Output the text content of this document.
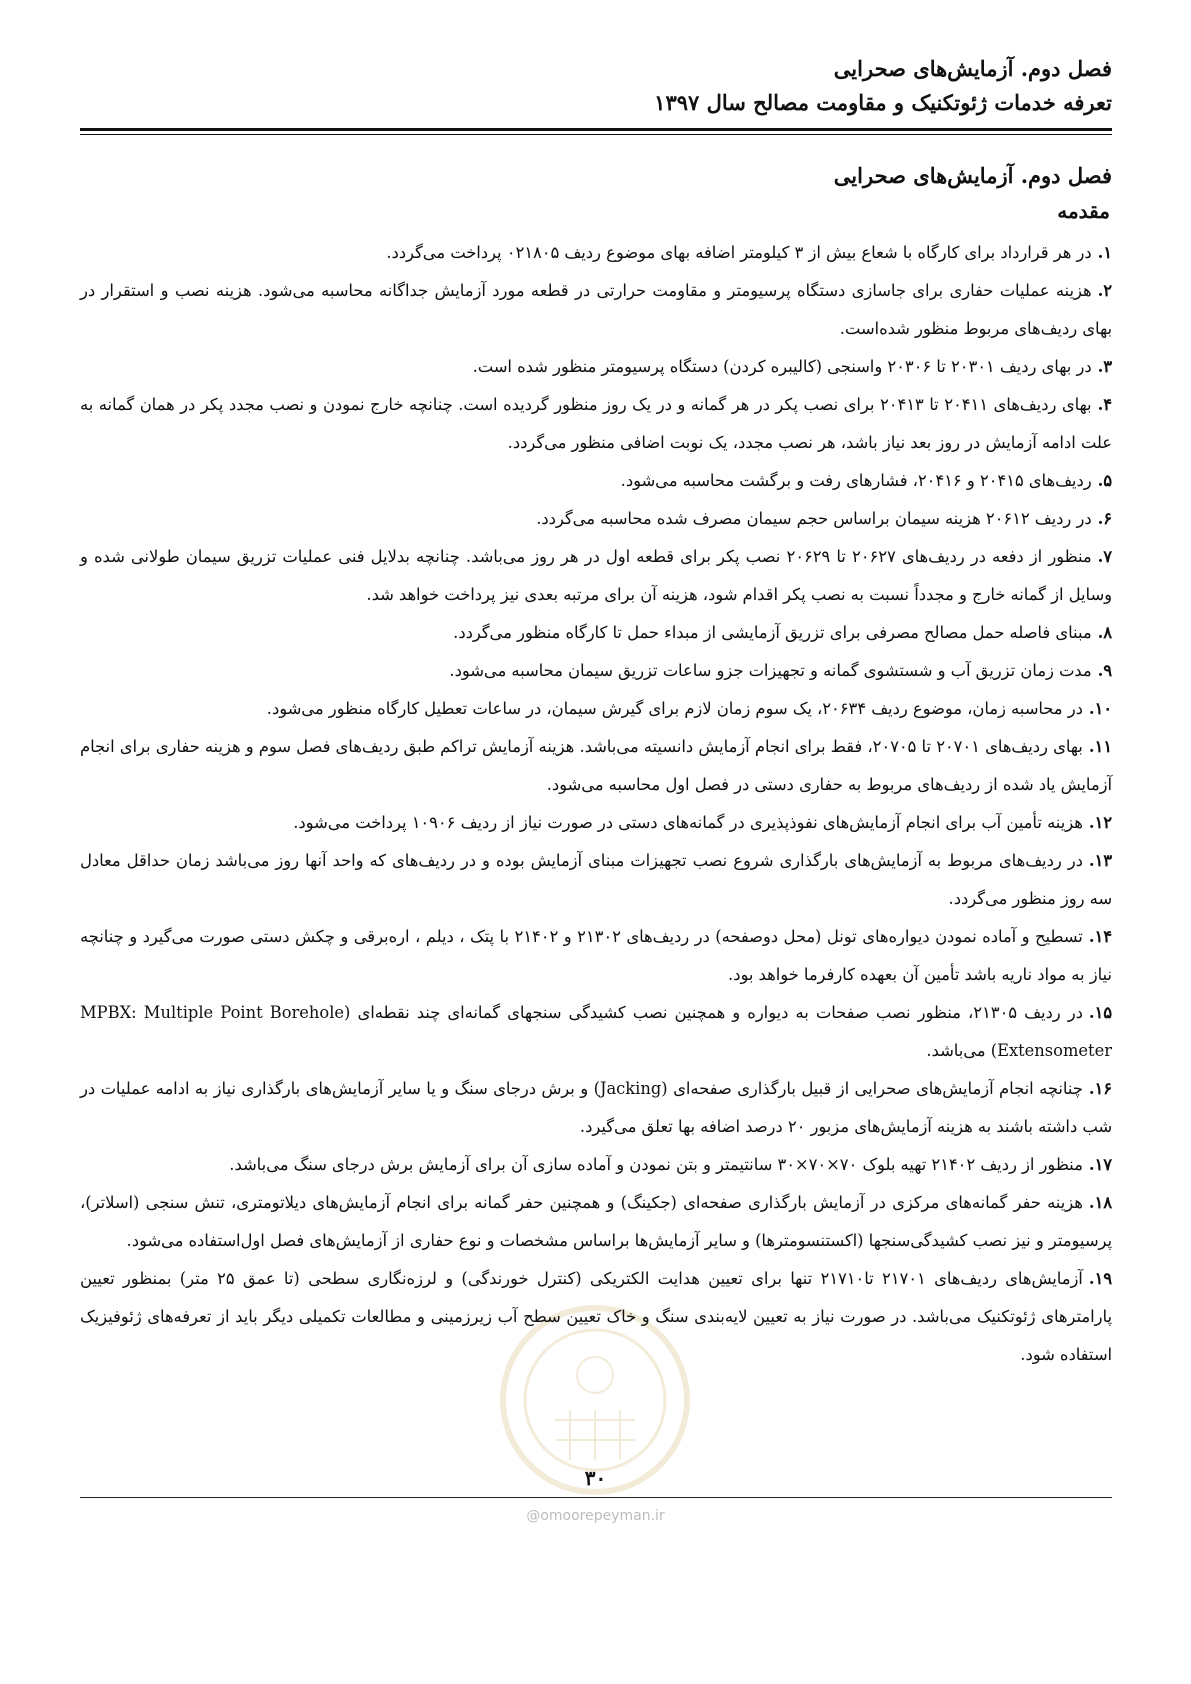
فصل دوم. آزمایش‌های صحرایی
تعرفه خدمات ژئوتکنیک و مقاومت مصالح سال ۱۳۹۷
فصل دوم. آزمایش‌های صحرایی
مقدمه
۱ .در هر قرارداد برای کارگاه با شعاع بیش از ۳ کیلومتر اضافه بهای موضوع ردیف ۰۲۱۸۰۵ پرداخت می‌گردد.
۲ .هزینه عملیات حفاری برای جاسازی دستگاه پرسیومتر و مقاومت حرارتی در قطعه مورد آزمایش جداگانه محاسبه می‌شود. هزینه نصب و استقرار در بهای ردیف‌های مربوط منظور شده‌است.
۳ .در بهای ردیف ۲۰۳۰۱ تا ۲۰۳۰۶ واسنجی (کالیبره کردن) دستگاه پرسیومتر منظور شده است.
۴ .بهای ردیف‌های ۲۰۴۱۱ تا ۲۰۴۱۳ برای نصب پکر در هر گمانه و در یک روز منظور گردیده است. چنانچه خارج نمودن و نصب مجدد پکر در همان گمانه به علت ادامه آزمایش در روز بعد نیاز باشد، هر نصب مجدد، یک نوبت اضافی منظور می‌گردد.
۵ .ردیف‌های ۲۰۴۱۵ و ۲۰۴۱۶، فشارهای رفت و برگشت محاسبه می‌شود.
۶ .در ردیف ۲۰۶۱۲ هزینه سیمان براساس حجم سیمان مصرف شده محاسبه می‌گردد.
۷ .منظور از دفعه در ردیف‌های ۲۰۶۲۷ تا ۲۰۶۲۹ نصب پکر برای قطعه اول در هر روز می‌باشد. چنانچه بدلایل فنی عملیات تزریق سیمان طولانی شده و وسایل از گمانه خارج و مجدداً نسبت به نصب پکر اقدام شود، هزینه آن برای مرتبه بعدی نیز پرداخت خواهد شد.
۸ .مبنای فاصله حمل مصالح مصرفی برای تزریق آزمایشی از مبداء حمل تا کارگاه منظور می‌گردد.
۹ .مدت زمان تزریق آب و شستشوی گمانه و تجهیزات جزو ساعات تزریق سیمان محاسبه می‌شود.
۱۰ .در محاسبه زمان، موضوع ردیف ۲۰۶۳۴، یک سوم زمان لازم برای گیرش سیمان، در ساعات تعطیل کارگاه منظور می‌شود.
۱۱ .بهای ردیف‌های ۲۰۷۰۱ تا ۲۰۷۰۵، فقط برای انجام آزمایش دانسیته می‌باشد. هزینه آزمایش تراکم طبق ردیف‌های فصل سوم و هزینه حفاری برای انجام آزمایش یاد شده از ردیف‌های مربوط به حفاری دستی در فصل اول محاسبه می‌شود.
۱۲ .هزینه تأمین آب برای انجام آزمایش‌های نفوذپذیری در گمانه‌های دستی در صورت نیاز از ردیف ۱۰۹۰۶ پرداخت می‌شود.
۱۳ .در ردیف‌های مربوط به آزمایش‌های بارگذاری شروع نصب تجهیزات مبنای آزمایش بوده و در ردیف‌های که واحد آنها روز می‌باشد زمان حداقل معادل سه روز منظور می‌گردد.
۱۴ .تسطیح و آماده نمودن دیواره‌های تونل (محل دوصفحه) در ردیف‌های ۲۱۳۰۲ و ۲۱۴۰۲ با پتک ، دیلم ، اره‌برقی و چکش دستی صورت می‌گیرد و چنانچه نیاز به مواد ناریه باشد تأمین آن بعهده کارفرما خواهد بود.
۱۵ .در ردیف ۲۱۳۰۵، منظور نصب صفحات به دیواره و همچنین نصب کشیدگی سنجهای گمانه‌ای چند نقطه‌ای (MPBX: Multiple Point Borehole Extensometer) می‌باشد.
۱۶ .چنانچه انجام آزمایش‌های صحرایی از قبیل بارگذاری صفحه‌ای (Jacking) و برش درجای سنگ و یا سایر آزمایش‌های بارگذاری نیاز به ادامه عملیات در شب داشته باشند به هزینه آزمایش‌های مزبور ۲۰ درصد اضافه بها تعلق می‌گیرد.
۱۷ .منظور از ردیف ۲۱۴۰۲ تهیه بلوک ۷۰×۷۰×۳۰ سانتیمتر و بتن نمودن و آماده سازی آن برای آزمایش برش درجای سنگ می‌باشد.
۱۸ .هزینه حفر گمانه‌های مرکزی در آزمایش بارگذاری صفحه‌ای (جکینگ) و همچنین حفر گمانه برای انجام آزمایش‌های دیلاتومتری، تنش سنجی (اسلاتر)، پرسیومتر و نیز نصب کشیدگی‌سنجها (اکستنسومترها) و سایر آزمایش‌ها براساس مشخصات و نوع حفاری از آزمایش‌های فصل اول‌استفاده می‌شود.
۱۹ .آزمایش‌های ردیف‌های ۲۱۷۰۱ تا۲۱۷۱۰ تنها برای تعیین هدایت الکتریکی (کنترل خورندگی) و لرزه‌نگاری سطحی (تا عمق ۲۵ متر) بمنظور تعیین پارامترهای ژئوتکنیک می‌باشد. در صورت نیاز به تعیین لایه‌بندی سنگ و خاک تعیین سطح آب زیرزمینی و مطالعات تکمیلی دیگر باید از تعرفه‌های ژئوفیزیک استفاده شود.
۳۰
@omoorepeyman.ir
